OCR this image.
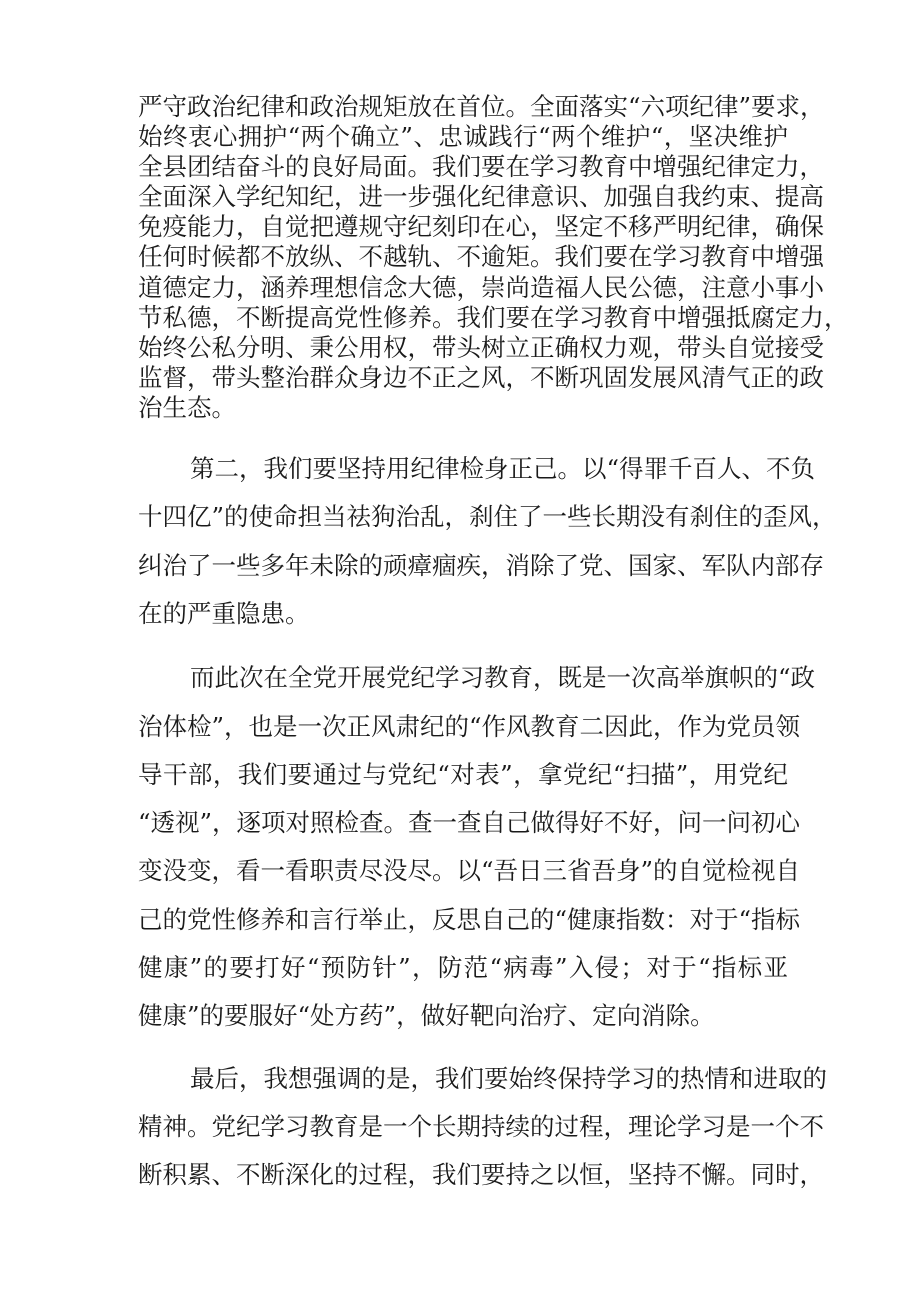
严守政治纪律和政治规矩放在首位。全面落实“六项纪律”要求，
始终衷心拥护“两个确立”、忠诚践行“两个维护“，坚决维护
全县团结奋斗的良好局面。我们要在学习教育中增强纪律定力，
全面深入学纪知纪，进一步强化纪律意识、加强自我约束、提高
免疫能力，自觉把遵规守纪刻印在心，坚定不移严明纪律，确保
任何时候都不放纵、不越轨、不逾矩。我们要在学习教育中增强
道德定力，涵养理想信念大德，崇尚造福人民公德，注意小事小
节私德，不断提高党性修养。我们要在学习教育中增强抵腐定力，
始终公私分明、秉公用权，带头树立正确权力观，带头自觉接受
监督，带头整治群众身边不正之风，不断巩固发展风清气正的政
治生态。
第二，我们要坚持用纪律检身正己。以“得罪千百人、不负
十四亿”的使命担当祛狗治乱，刹住了一些长期没有刹住的歪风，
纠治了一些多年未除的顽瘴痼疾，消除了党、国家、军队内部存
在的严重隐患。
而此次在全党开展党纪学习教育，既是一次高举旗帜的“政
治体检”，也是一次正风肃纪的“作风教育二因此，作为党员领
导干部，我们要通过与党纪“对表”，拿党纪“扫描”，用党纪
“透视”，逐项对照检查。查一查自己做得好不好，问一问初心
变没变，看一看职责尽没尽。以“吾日三省吾身”的自觉检视自
己的党性修养和言行举止，反思自己的“健康指数：对于“指标
健康”的要打好“预防针”，防范“病毒”入侵；对于“指标亚
健康”的要服好“处方药”，做好靶向治疗、定向消除。
最后，我想强调的是，我们要始终保持学习的热情和进取的
精神。党纪学习教育是一个长期持续的过程，理论学习是一个不
断积累、不断深化的过程，我们要持之以恒，坚持不懈。同时，
